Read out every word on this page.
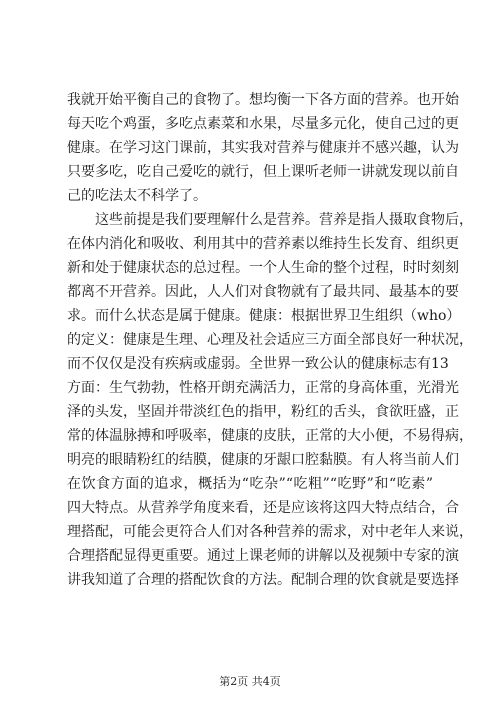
我就开始平衡自己的食物了。想均衡一下各方面的营养。也开始
每天吃个鸡蛋，多吃点素菜和水果，尽量多元化，使自己过的更
健康。在学习这门课前，其实我对营养与健康并不感兴趣，认为
只要多吃，吃自己爱吃的就行，但上课听老师一讲就发现以前自
己的吃法太不科学了。
　　这些前提是我们要理解什么是营养。营养是指人摄取食物后，
在体内消化和吸收、利用其中的营养素以维持生长发育、组织更
新和处于健康状态的总过程。一个人生命的整个过程，时时刻刻
都离不开营养。因此，人人们对食物就有了最共同、最基本的要
求。而什么状态是属于健康。健康：根据世界卫生组织（who）
的定义：健康是生理、心理及社会适应三方面全部良好一种状况，
而不仅仅是没有疾病或虚弱。全世界一致公认的健康标志有13
方面：生气勃勃，性格开朗充满活力，正常的身高体重，光滑光
泽的头发，坚固并带淡红色的指甲，粉红的舌头，食欲旺盛，正
常的体温脉搏和呼吸率，健康的皮肤，正常的大小便，不易得病，
明亮的眼睛粉红的结膜，健康的牙龈口腔黏膜。有人将当前人们
在饮食方面的追求，概括为“吃杂”“吃粗”“吃野”和“吃素”
四大特点。从营养学角度来看，还是应该将这四大特点结合，合
理搭配，可能会更符合人们对各种营养的需求，对中老年人来说，
合理搭配显得更重要。通过上课老师的讲解以及视频中专家的演
讲我知道了合理的搭配饮食的方法。配制合理的饮食就是要选择
第2页 共4页
